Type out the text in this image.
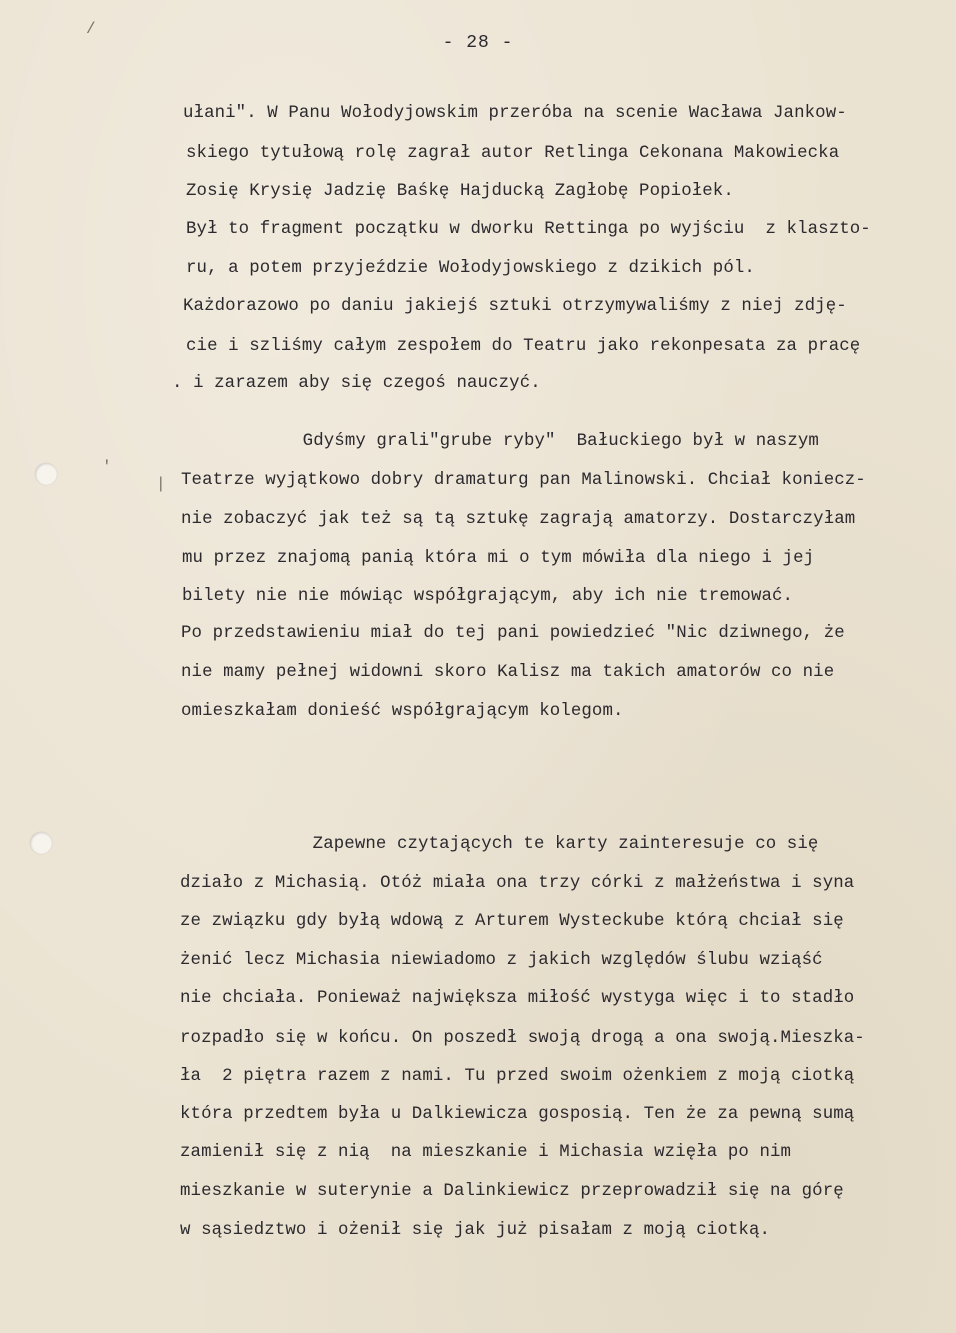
- 28 -
ułani". W Panu Wołodyjowskim przeróba na scenie Wacława Jankow-
skiego tytułową rolę zagrał autor Retlinga Cekonana Makowiecka
Zosię Krysię Jadzię Baśkę Hajducką Zagłobę Popiołek.
Był to fragment początku w dworku Rettinga po wyjściu  z klaszto-
ru, a potem przyjeździe Wołodyjowskiego z dzikich pól.
Każdorazowo po daniu jakiejś sztuki otrzymywaliśmy z niej zdję-
cie i szliśmy całym zespołem do Teatru jako rekonpesata za pracę
. i zarazem aby się czegoś nauczyć.
Gdyśmy grali"grube ryby"  Bałuckiego był w naszym
Teatrze wyjątkowo dobry dramaturg pan Malinowski. Chciał koniecz-
nie zobaczyć jak też są tą sztukę zagrają amatorzy. Dostarczyłam
mu przez znajomą panią która mi o tym mówiła dla niego i jej
bilety nie nie mówiąc współgrającym, aby ich nie tremować.
Po przedstawieniu miał do tej pani powiedzieć "Nic dziwnego, że
nie mamy pełnej widowni skoro Kalisz ma takich amatorów co nie
omieszkałam donieść współgrającym kolegom.
Zapewne czytających te karty zainteresuje co się
działo z Michasią. Otóż miała ona trzy córki z małżeństwa i syna
ze związku gdy byłą wdową z Arturem Wysteckube którą chciał się
żenić lecz Michasia niewiadomo z jakich względów ślubu wziąść
nie chciała. Ponieważ największa miłość wystyga więc i to stadło
rozpadło się w końcu. On poszedł swoją drogą a ona swoją.Mieszka-
ła  2 piętra razem z nami. Tu przed swoim ożenkiem z moją ciotką
która przedtem była u Dalkiewicza gosposią. Ten że za pewną sumą
zamienił się z nią  na mieszkanie i Michasia wzięła po nim
mieszkanie w suterynie a Dalinkiewicz przeprowadził się na górę
w sąsiedztwo i ożenił się jak już pisałam z moją ciotką.
/
'
|
